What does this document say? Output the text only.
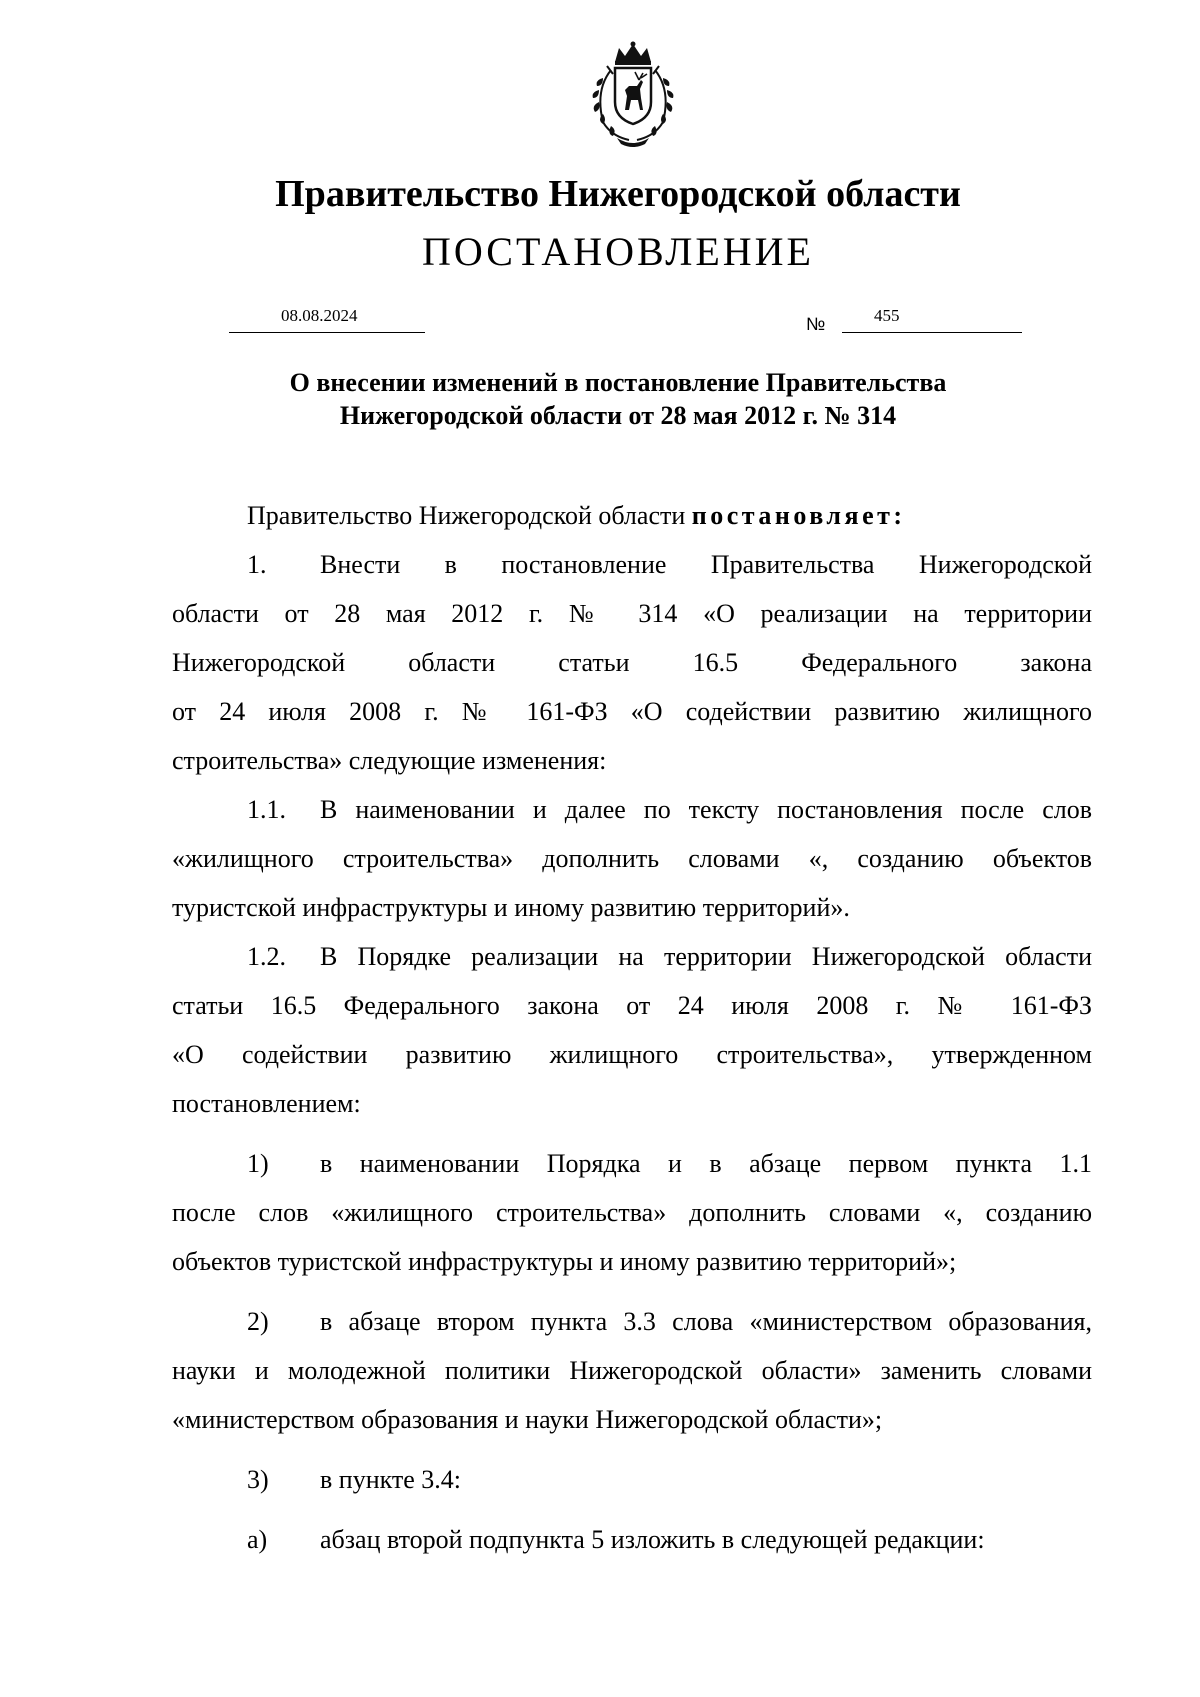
Правительство Нижегородской области
ПОСТАНОВЛЕНИЕ
08.08.2024	№	455
О внесении изменений в постановление Правительства
Нижегородской области от 28 мая 2012 г. № 314
Правительство Нижегородской области постановляет:
1. Внести в постановление Правительства Нижегородской
области от 28 мая 2012 г. № 314 «О реализации на территории
Нижегородской области статьи 16.5 Федерального закона
от 24 июля 2008 г. № 161-ФЗ «О содействии развитию жилищного
строительства» следующие изменения:
1.1. В наименовании и далее по тексту постановления после слов
«жилищного строительства» дополнить словами «, созданию объектов
туристской инфраструктуры и иному развитию территорий».
1.2. В Порядке реализации на территории Нижегородской области
статьи 16.5 Федерального закона от 24 июля 2008 г. № 161-ФЗ
«О содействии развитию жилищного строительства», утвержденном
постановлением:
1) в наименовании Порядка и в абзаце первом пункта 1.1
после слов «жилищного строительства» дополнить словами «, созданию
объектов туристской инфраструктуры и иному развитию территорий»;
2) в абзаце втором пункта 3.3 слова «министерством образования,
науки и молодежной политики Нижегородской области» заменить словами
«министерством образования и науки Нижегородской области»;
3) в пункте 3.4:
а) абзац второй подпункта 5 изложить в следующей редакции:
